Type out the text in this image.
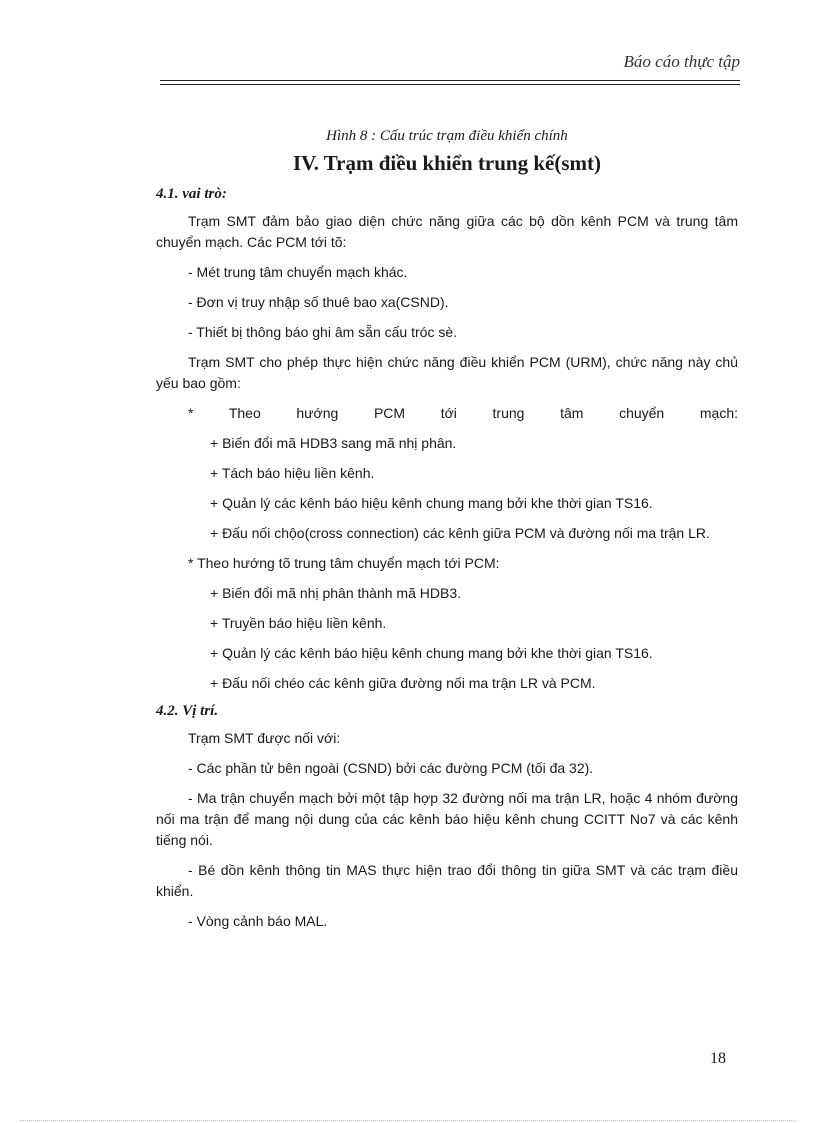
Báo cáo thực tập

Hình 8 : Cấu trúc trạm điều khiển chính

IV. Trạm điều khiển trung kế(smt)
4.1. vai trò:

Trạm SMT đảm bảo giao diện chức năng giữa các bộ dồn kênh PCM và trung tâm chuyển mạch. Các PCM tới tõ:

- Mét trung tâm chuyển mạch khác.

- Đơn vị truy nhập số thuê bao xa(CSND).

- Thiết bị thông báo ghi âm sẵn cấu tróc sè.

Trạm SMT cho phép thực hiện chức năng điều khiển PCM (URM), chức năng này chủ yếu bao gồm:

* Theo hướng PCM tới trung tâm chuyển mạch:

+ Biến đổi mã HDB3 sang mã nhị phân.

+ Tách báo hiệu liền kênh.

+ Quản lý các kênh báo hiệu kênh chung mang bởi khe thời gian TS16.

+ Đấu nối chộo(cross connection) các kênh giữa PCM và đường nối ma trận LR.

* Theo hướng tõ trung tâm chuyển mạch tới PCM:

+ Biến đổi mã nhị phân thành mã HDB3.

+ Truyền báo hiệu liền kênh.

+ Quản lý các kênh báo hiệu kênh chung mang bởi khe thời gian TS16.

+ Đấu nối chéo các kênh giữa đường nối ma trận LR và PCM.

4.2. Vị trí.

Trạm SMT được nối với:

- Các phần tử bên ngoài (CSND) bởi các đường PCM (tối đa 32).

- Ma trận chuyển mạch bởi một tập hợp 32 đường nối ma trận LR, hoặc 4 nhóm đường nối ma trận để mang nội dung của các kênh báo hiệu kênh chung CCITT No7 và các kênh tiếng nói.

- Bé dồn kênh thông tin MAS thực hiện trao đổi thông tin giữa SMT và các trạm điều khiển.

- Vòng cảnh báo MAL.

18
